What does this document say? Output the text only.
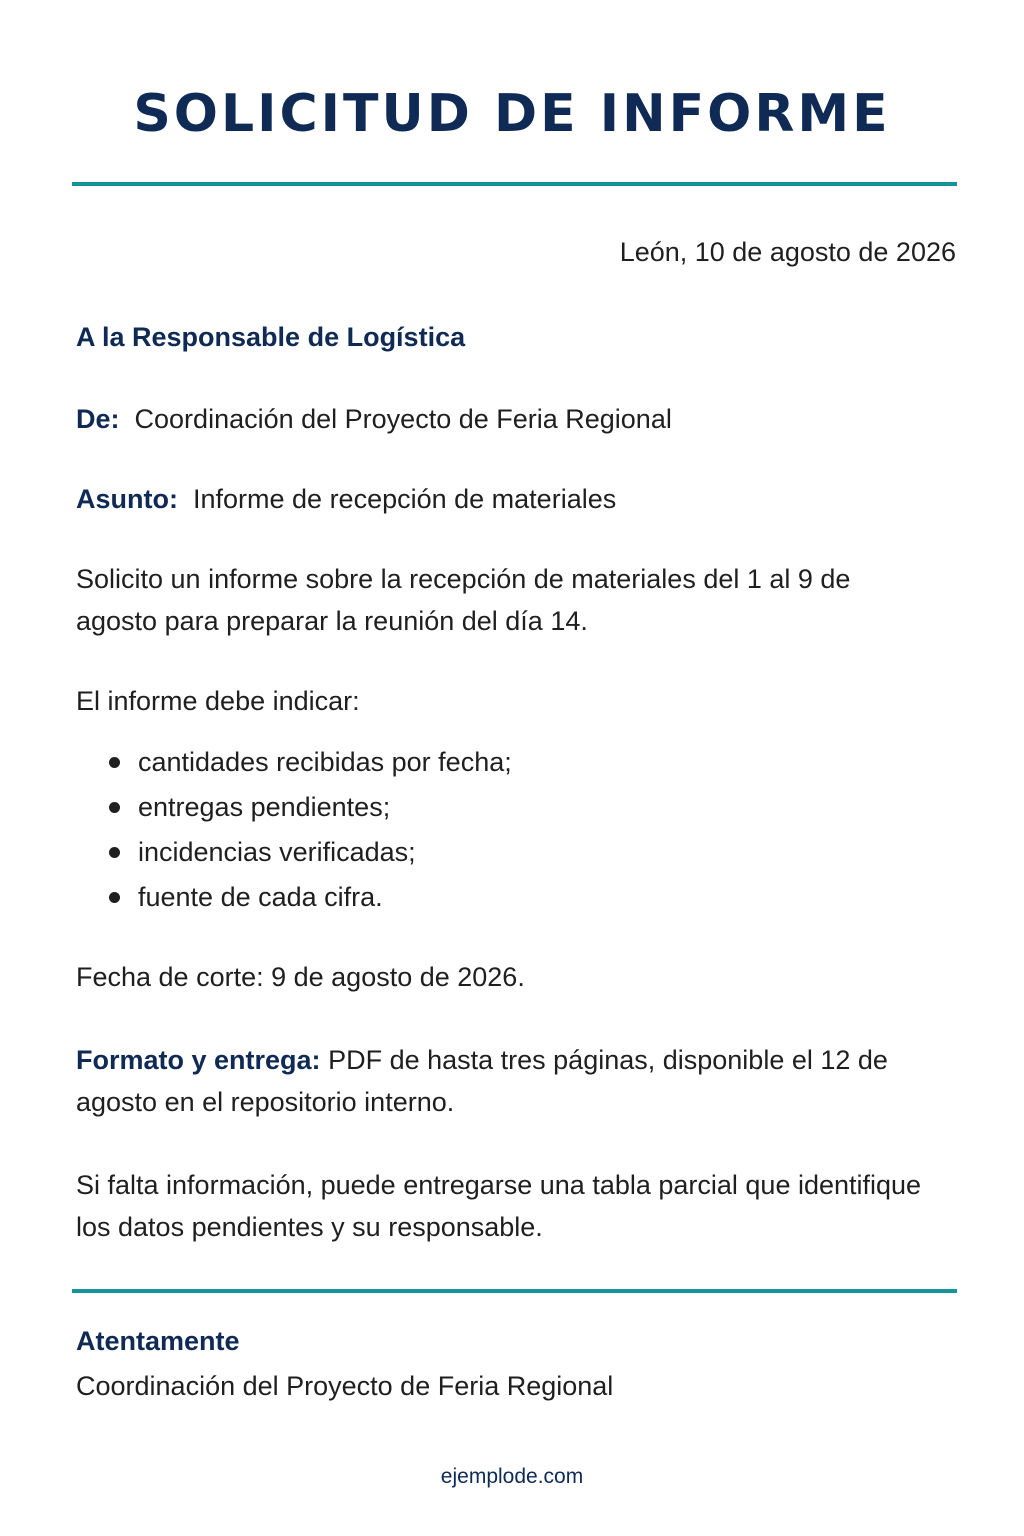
SOLICITUD DE INFORME
León, 10 de agosto de 2026

A la Responsable de Logística

De: Coordinación del Proyecto de Feria Regional

Asunto: Informe de recepción de materiales

Solicito un informe sobre la recepción de materiales del 1 al 9 de agosto para preparar la reunión del día 14.

El informe debe indicar:

cantidades recibidas por fecha;
entregas pendientes;
incidencias verificadas;
fuente de cada cifra.

Fecha de corte: 9 de agosto de 2026.

Formato y entrega: PDF de hasta tres páginas, disponible el 12 de agosto en el repositorio interno.

Si falta información, puede entregarse una tabla parcial que identifique los datos pendientes y su responsable.

Atentamente

Coordinación del Proyecto de Feria Regional

ejemplode.com
